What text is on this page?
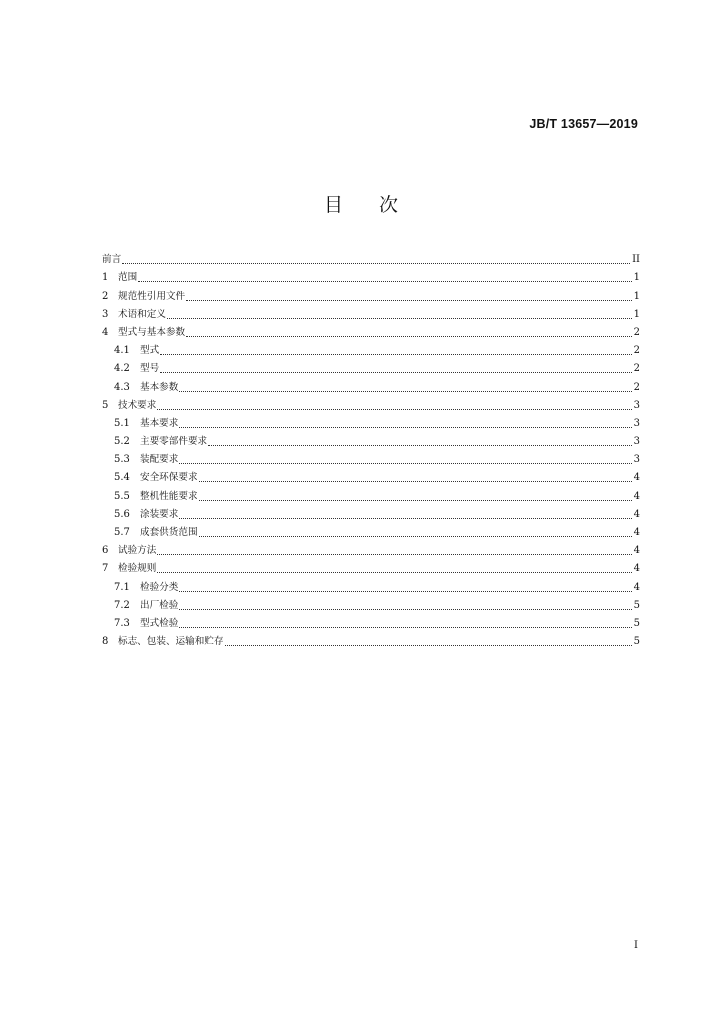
JB/T 13657—2019
目 次
前言	II
1	范围	1
2	规范性引用文件	1
3	术语和定义	1
4	型式与基本参数	2
4.1	型式	2
4.2	型号	2
4.3	基本参数	2
5	技术要求	3
5.1	基本要求	3
5.2	主要零部件要求	3
5.3	装配要求	3
5.4	安全环保要求	4
5.5	整机性能要求	4
5.6	涂装要求	4
5.7	成套供货范围	4
6	试验方法	4
7	检验规则	4
7.1	检验分类	4
7.2	出厂检验	5
7.3	型式检验	5
8	标志、包装、运输和贮存	5
I
